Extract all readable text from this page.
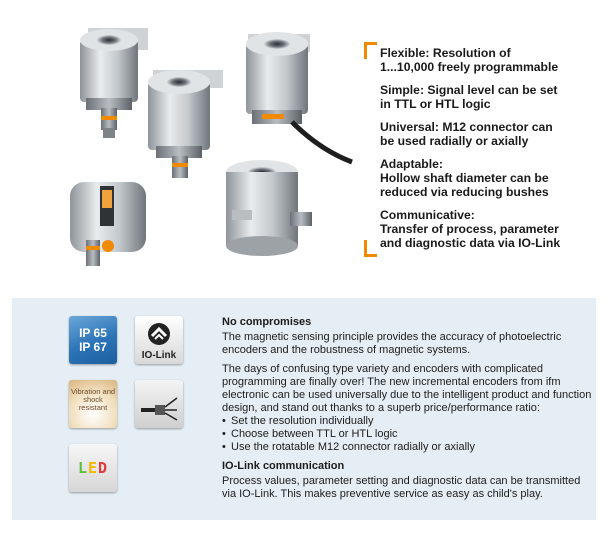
Flexible: Resolution of
1...10,000 freely programmable
Simple: Signal level can be set
in TTL or HTL logic
Universal: M12 connector can
be used radially or axially
Adaptable:
Hollow shaft diameter can be
reduced via reducing bushes
Communicative:
Transfer of process, parameter
and diagnostic data via IO-Link
IP 65
IP 67
IO-Link
Vibration and shock resistant
LED
No compromises

The magnetic sensing principle provides the accuracy of photoelectric encoders and the robustness of magnetic systems.

The days of confusing type variety and encoders with complicated programming are finally over! The new incremental encoders from ifm electronic can be used universally due to the intelligent product and function design, and stand out thanks to a superb price/performance ratio:

• Set the resolution individually
• Choose between TTL or HTL logic
• Use the rotatable M12 connector radially or axially
IO-Link communication

Process values, parameter setting and diagnostic data can be transmitted via IO-Link. This makes preventive service as easy as child's play.
